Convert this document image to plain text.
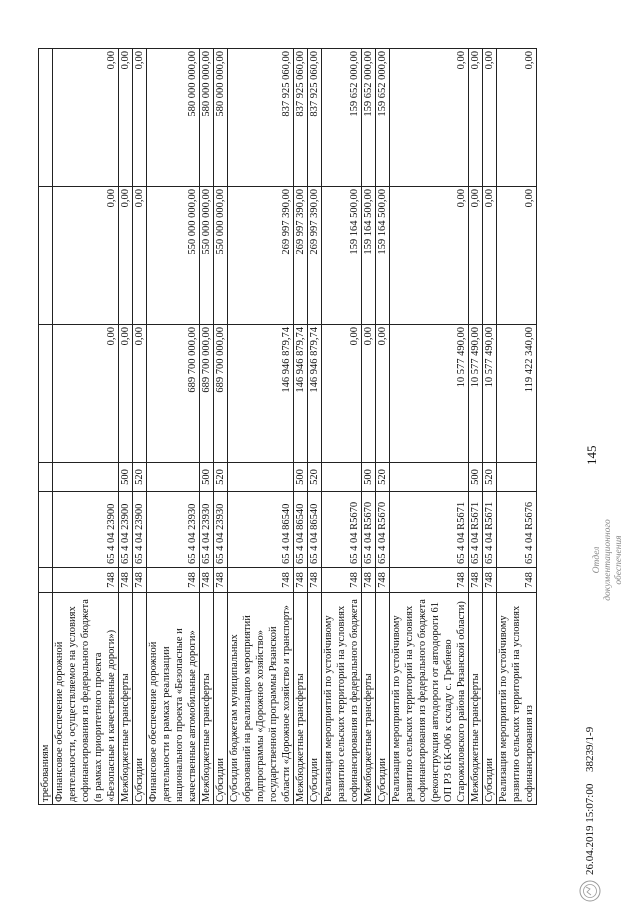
требованиям						
Финансовое обеспечение дорожной деятельности, осуществляемое на условиях софинансирования из федерального бюджета (в рамках приоритетного проекта «Безопасные и качественные дороги»)	748	65 4 04 23900		0,00	0,00	0,00
Межбюджетные трансферты	748	65 4 04 23900	500	0,00	0,00	0,00
Субсидии	748	65 4 04 23900	520	0,00	0,00	0,00
Финансовое обеспечение дорожной деятельности в рамках реализации национального проекта «Безопасные и качественные автомобильные дороги»	748	65 4 04 23930		689 700 000,00	550 000 000,00	580 000 000,00
Межбюджетные трансферты	748	65 4 04 23930	500	689 700 000,00	550 000 000,00	580 000 000,00
Субсидии	748	65 4 04 23930	520	689 700 000,00	550 000 000,00	580 000 000,00
Субсидии бюджетам муниципальных образований на реализацию мероприятий подпрограммы «Дорожное хозяйство» государственной программы Рязанской области «Дорожное хозяйство и транспорт»	748	65 4 04 86540		146 946 879,74	269 997 390,00	837 925 060,00
Межбюджетные трансферты	748	65 4 04 86540	500	146 946 879,74	269 997 390,00	837 925 060,00
Субсидии	748	65 4 04 86540	520	146 946 879,74	269 997 390,00	837 925 060,00
Реализация мероприятий по устойчивому развитию сельских территорий на условиях софинансирования из федерального бюджета	748	65 4 04 R5670		0,00	159 164 500,00	159 652 000,00
Межбюджетные трансферты	748	65 4 04 R5670	500	0,00	159 164 500,00	159 652 000,00
Субсидии	748	65 4 04 R5670	520	0,00	159 164 500,00	159 652 000,00
Реализация мероприятий по устойчивому развитию сельских территорий на условиях софинансирования из федерального бюджета (реконструкция автодороги от автодороги 61 ОП РЗ 61К-006 к складу с. Гребнево Старожиловского района Рязанской области)	748	65 4 04 R5671		10 577 490,00	0,00	0,00
Межбюджетные трансферты	748	65 4 04 R5671	500	10 577 490,00	0,00	0,00
Субсидии	748	65 4 04 R5671	520	10 577 490,00	0,00	0,00
Реализация мероприятий по устойчивому развитию сельских территорий на условиях софинансирования из	748	65 4 04 R5676		119 422 340,00	0,00	0,00
145
26.04.2019 15:07:00
38239/1-9
Отдел документационного обеспечения
